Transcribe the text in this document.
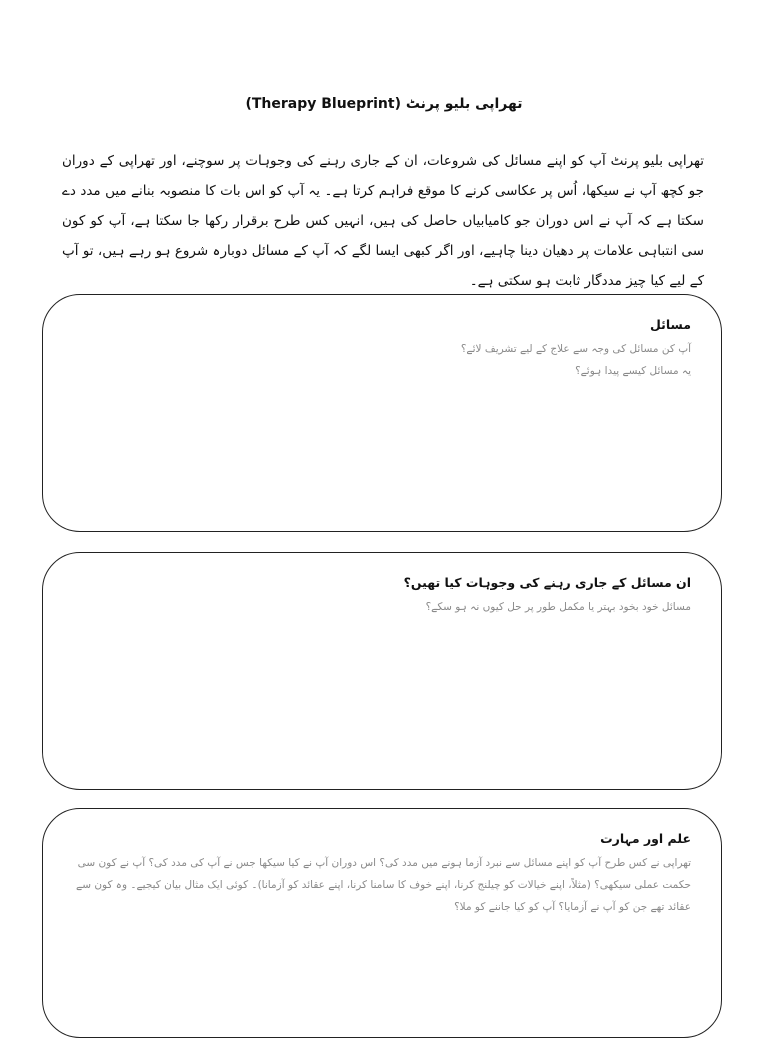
تھراپی بلیو پرنٹ (Therapy Blueprint)
تھراپی بلیو پرنٹ آپ کو اپنے مسائل کی شروعات، ان کے جاری رہنے کی وجوہات پر سوچنے، اور تھراپی کے دوران جو کچھ آپ نے سیکھا، اُس پر عکاسی کرنے کا موقع فراہم کرتا ہے۔ یہ آپ کو اس بات کا منصوبہ بنانے میں مدد دے سکتا ہے کہ آپ نے اس دوران جو کامیابیاں حاصل کی ہیں، انہیں کس طرح برقرار رکھا جا سکتا ہے، آپ کو کون سی انتباہی علامات پر دھیان دینا چاہیے، اور اگر کبھی ایسا لگے کہ آپ کے مسائل دوبارہ شروع ہو رہے ہیں، تو آپ کے لیے کیا چیز مددگار ثابت ہو سکتی ہے۔
مسائل
آپ کن مسائل کی وجہ سے علاج کے لیے تشریف لائے؟
یہ مسائل کیسے پیدا ہوئے؟
ان مسائل کے جاری رہنے کی وجوہات کیا تھیں؟
مسائل خود بخود بہتر یا مکمل طور پر حل کیوں نہ ہو سکے؟
علم اور مہارت
تھراپی نے کس طرح آپ کو اپنے مسائل سے نبرد آزما ہونے میں مدد کی؟ اس دوران آپ نے کیا سیکھا جس نے آپ کی مدد کی؟ آپ نے کون سی حکمت عملی سیکھی؟ (مثلاً، اپنے خیالات کو چیلنج کرنا، اپنے خوف کا سامنا کرنا، اپنے عقائد کو آزمانا)۔ کوئی ایک مثال بیان کیجیے۔ وہ کون سے عقائد تھے جن کو آپ نے آزمایا؟ آپ کو کیا جاننے کو ملا؟
